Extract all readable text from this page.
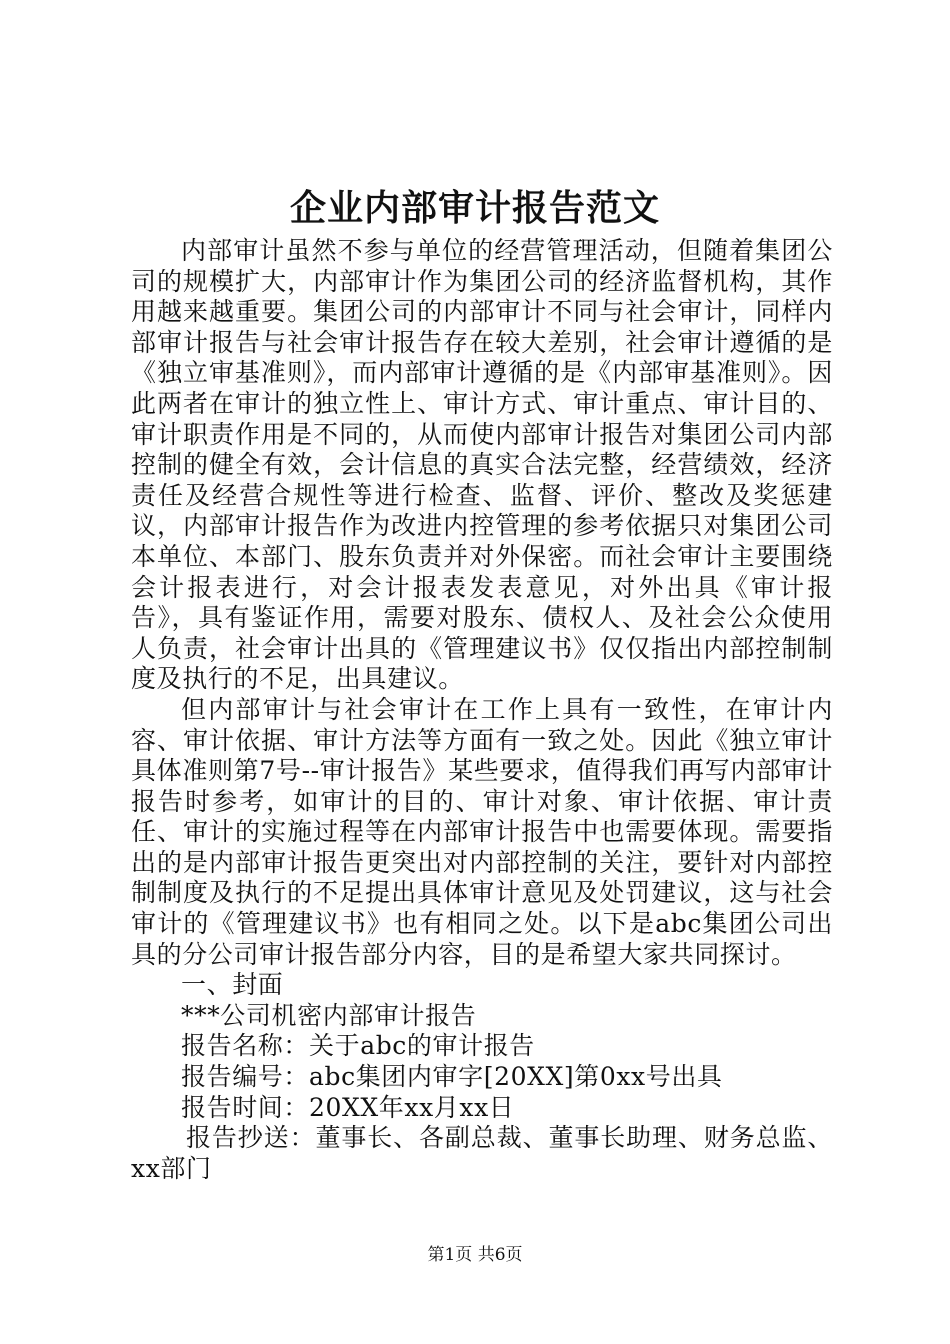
企业内部审计报告范文

内部审计虽然不参与单位的经营管理活动，但随着集团公司的规模扩大，内部审计作为集团公司的经济监督机构，其作用越来越重要。集团公司的内部审计不同与社会审计，同样内部审计报告与社会审计报告存在较大差别，社会审计遵循的是《独立审基准则》，而内部审计遵循的是《内部审基准则》。因此两者在审计的独立性上、审计方式、审计重点、审计目的、审计职责作用是不同的，从而使内部审计报告对集团公司内部控制的健全有效，会计信息的真实合法完整，经营绩效，经济责任及经营合规性等进行检查、监督、评价、整改及奖惩建议，内部审计报告作为改进内控管理的参考依据只对集团公司本单位、本部门、股东负责并对外保密。而社会审计主要围绕会计报表进行，对会计报表发表意见，对外出具《审计报告》，具有鉴证作用，需要对股东、债权人、及社会公众使用人负责，社会审计出具的《管理建议书》仅仅指出内部控制制度及执行的不足，出具建议。

但内部审计与社会审计在工作上具有一致性，在审计内容、审计依据、审计方法等方面有一致之处。因此《独立审计具体准则第7号--审计报告》某些要求，值得我们再写内部审计报告时参考，如审计的目的、审计对象、审计依据、审计责任、审计的实施过程等在内部审计报告中也需要体现。需要指出的是内部审计报告更突出对内部控制的关注，要针对内部控制制度及执行的不足提出具体审计意见及处罚建议，这与社会审计的《管理建议书》也有相同之处。以下是abc集团公司出具的分公司审计报告部分内容，目的是希望大家共同探讨。

一、封面

***公司机密内部审计报告

报告名称：关于abc的审计报告

报告编号：abc集团内审字[20XX]第0xx号出具

报告时间：20XX年xx月xx日

报告抄送：董事长、各副总裁、董事长助理、财务总监、xx部门

第1页 共6页
